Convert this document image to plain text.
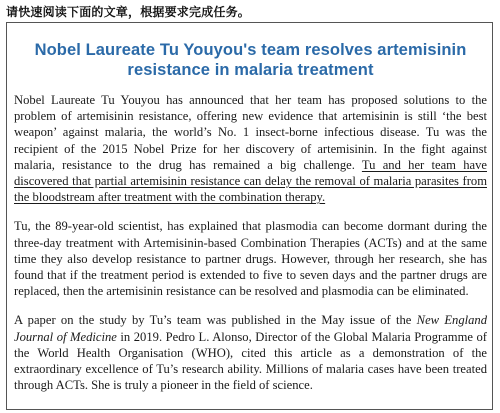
请快速阅读下面的文章，根据要求完成任务。
Nobel Laureate Tu Youyou's team resolves artemisinin resistance in malaria treatment

Nobel Laureate Tu Youyou has announced that her team has proposed solutions to the problem of artemisinin resistance, offering new evidence that artemisinin is still ‘the best weapon’ against malaria, the world’s No. 1 insect-borne infectious disease. Tu was the recipient of the 2015 Nobel Prize for her discovery of artemisinin. In the fight against malaria, resistance to the drug has remained a big challenge. Tu and her team have discovered that partial artemisinin resistance can delay the removal of malaria parasites from the bloodstream after treatment with the combination therapy.

Tu, the 89-year-old scientist, has explained that plasmodia can become dormant during the three-day treatment with Artemisinin-based Combination Therapies (ACTs) and at the same time they also develop resistance to partner drugs. However, through her research, she has found that if the treatment period is extended to five to seven days and the partner drugs are replaced, then the artemisinin resistance can be resolved and plasmodia can be eliminated.

A paper on the study by Tu’s team was published in the May issue of the New England Journal of Medicine in 2019. Pedro L. Alonso, Director of the Global Malaria Programme of the World Health Organisation (WHO), cited this article as a demonstration of the extraordinary excellence of Tu’s research ability. Millions of malaria cases have been treated through ACTs. She is truly a pioneer in the field of science.
